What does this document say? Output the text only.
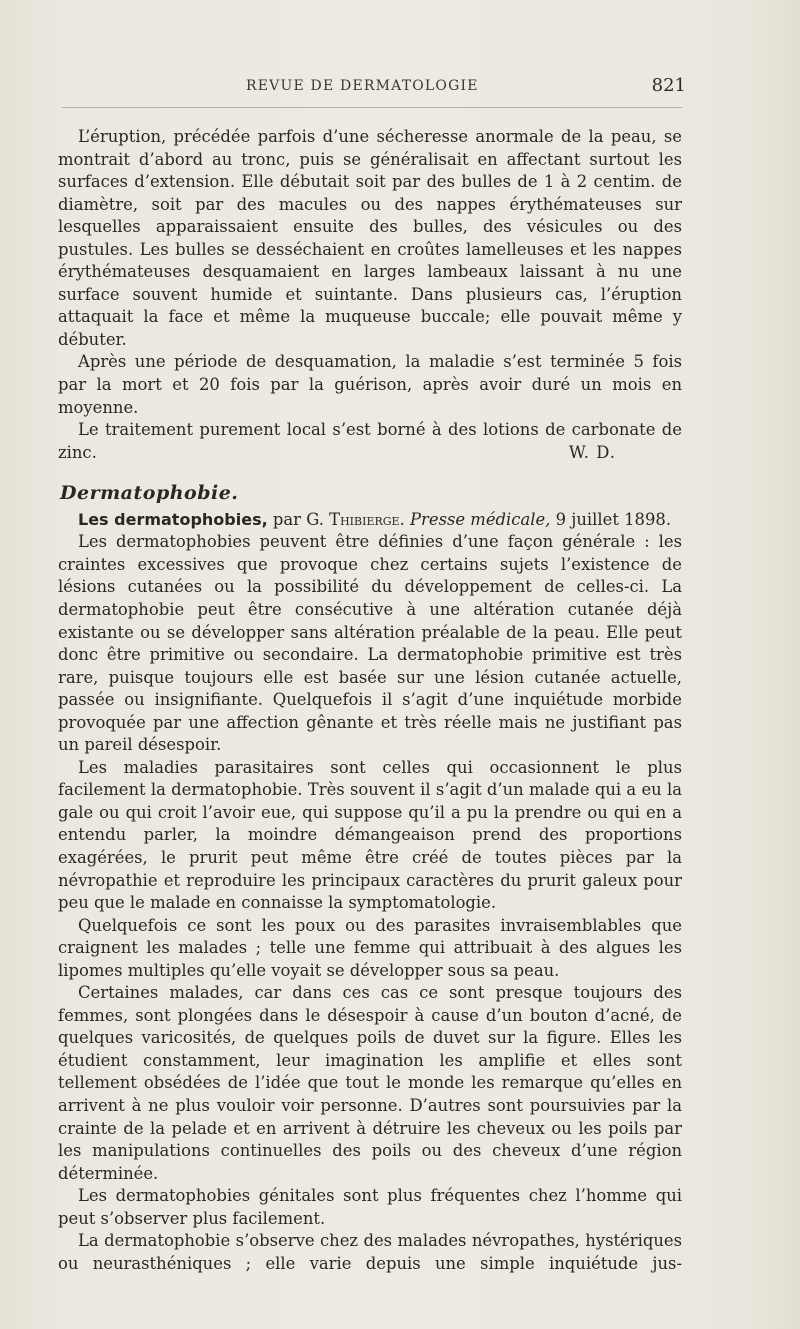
REVUE DE DERMATOLOGIE	821

L’éruption, précédée parfois d’une sécheresse anormale de la peau, se montrait d’abord au tronc, puis se généralisait en affectant surtout les surfaces d’extension. Elle débutait soit par des bulles de 1 à 2 centim. de diamètre, soit par des macules ou des nappes érythémateuses sur lesquelles apparaissaient ensuite des bulles, des vésicules ou des pustules. Les bulles se desséchaient en croûtes lamelleuses et les nappes érythémateuses desquamaient en larges lambeaux laissant à nu une surface souvent humide et suintante. Dans plusieurs cas, l’éruption attaquait la face et même la muqueuse buccale; elle pouvait même y débuter.

Après une période de desquamation, la maladie s’est terminée 5 fois par la mort et 20 fois par la guérison, après avoir duré un mois en moyenne.

Le traitement purement local s’est borné à des lotions de carbonate de zinc.	W. D.
Dermatophobie.

Les dermatophobies, par G. Thibierge. Presse médicale, 9 juillet 1898.

Les dermatophobies peuvent être définies d’une façon générale : les craintes excessives que provoque chez certains sujets l’existence de lésions cutanées ou la possibilité du développement de celles-ci. La dermatophobie peut être consécutive à une altération cutanée déjà existante ou se développer sans altération préalable de la peau. Elle peut donc être primitive ou secondaire. La dermatophobie primitive est très rare, puisque toujours elle est basée sur une lésion cutanée actuelle, passée ou insignifiante. Quelquefois il s’agit d’une inquiétude morbide provoquée par une affection gênante et très réelle mais ne justifiant pas un pareil désespoir.

Les maladies parasitaires sont celles qui occasionnent le plus facilement la dermatophobie. Très souvent il s’agit d’un malade qui a eu la gale ou qui croit l’avoir eue, qui suppose qu’il a pu la prendre ou qui en a entendu parler, la moindre démangeaison prend des proportions exagérées, le prurit peut même être créé de toutes pièces par la névropathie et reproduire les principaux caractères du prurit galeux pour peu que le malade en connaisse la symptomatologie.

Quelquefois ce sont les poux ou des parasites invraisemblables que craignent les malades ; telle une femme qui attribuait à des algues les lipomes multiples qu’elle voyait se développer sous sa peau.

Certaines malades, car dans ces cas ce sont presque toujours des femmes, sont plongées dans le désespoir à cause d’un bouton d’acné, de quelques varicosités, de quelques poils de duvet sur la figure. Elles les étudient constamment, leur imagination les amplifie et elles sont tellement obsédées de l’idée que tout le monde les remarque qu’elles en arrivent à ne plus vouloir voir personne. D’autres sont poursuivies par la crainte de la pelade et en arrivent à détruire les cheveux ou les poils par les manipulations continuelles des poils ou des cheveux d’une région déterminée.

Les dermatophobies génitales sont plus fréquentes chez l’homme qui peut s’observer plus facilement.

La dermatophobie s’observe chez des malades névropathes, hystériques ou neurasthéniques ; elle varie depuis une simple inquiétude jus-
